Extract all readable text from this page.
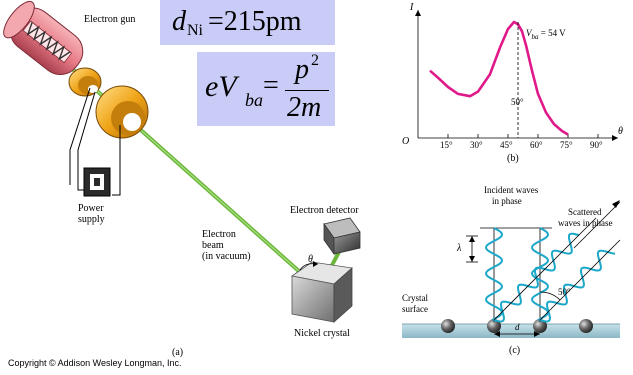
d Ni =215pm
eV ba =
p 2
2m
Electron gun
Power
supply
Electron
beam
(in vacuum)
Electron detector
θ
Nickel crystal
(a)
I
θ
O	15° 30° 45° 60° 75° 90°
$V_{ba} = 54$ V
50°
(b)
Incident waves
in phase
Scattered
waves in phase
λ
50°
Crystal
surface
d
(c)
Copyright © Addison Wesley Longman, Inc.
